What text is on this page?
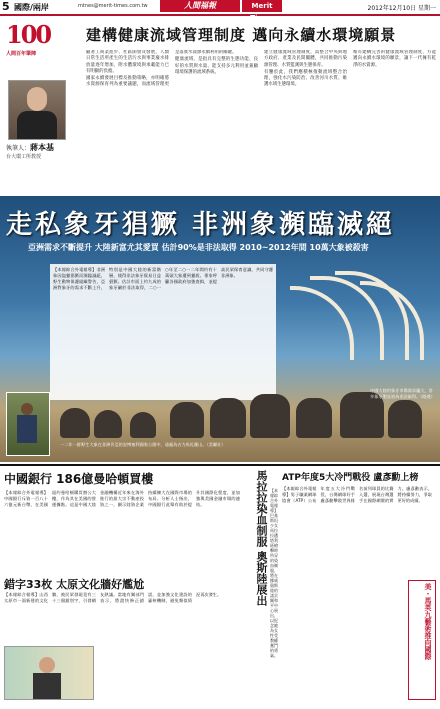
5 國際/兩岸	mtnes@merit-times.com.tw	人間福報	Merit Times
2012年12月10日 星期一
100
人間百年筆陣
執筆人：蔣本基
台大環工所教授
建構健康流域管理制度 邁向永續水環境願景

隨著工商業進步、社區開發及發展，人類日常生活所產生的生活污水與事業廢水排放量逐年增加，附水體環境與承載能力已有明顯的負擔。

國家永續發展目標及推動策略，亦明確將水資源保育列為重要議題，而流域管理更是落實水資源永續利用的關鍵。

健康流域，是指具有完整的生態功能、良好的水質與水量、能支持多元利用並兼顧環境保護的流域系統。

建立健康流域管理制度，需整合中央與地方政府、產業及民間團體，共同推動污染源管理、水質監測與生態保育。

有鑒於此，我們應積極推動流域整合治理，強化水污染防治、改善河川水質、維護水域生態環境。

唯有建構完善的健康流域管理制度，方能邁向永續水環境的願景，讓下一代擁有乾淨的水資源。

走私象牙猖獗 非洲象瀕臨滅絕
亞洲需求不斷提升 大陸新富尤其愛買 估計90%是非法取得 2010~2012年間 10萬大象被殺害
【本報綜合外電報導】非洲象因盜獵猖獗而瀕臨滅絕，野生動物保護組織警告，亞洲對象牙的需求不斷上升，特別是中國大陸的新富階層，使得非法象牙貿易日益猖獗。估計市面上約九成的象牙屬於非法取得，二○一○年至二○一二年間約有十萬頭大象遭到獵殺。專家呼籲各國政府加強查緝，並提高民眾保育意識，共同守護非洲象。
一二年一群野生大象在非洲肯亞的安博塞利國家公園中，遠處為吉力馬札羅山。（美聯社）
中國大陸的象牙市場需求龐大，許多象牙製品皆為非法取得。（路透）
中國銀行 186億曼哈頓買樓
【本報綜合外電報導】中國銀行斥資一百八十六億元新台幣，在美國紐約曼哈頓購買辦公大樓，作為其在美國的營運據點。這是中國大陸金融機構近年來在海外進行的最大宗不動產投資之一，顯示陸資企業持續擴大在國際市場的布局。分析人士指出，中國銀行此舉有助於提升其國際化程度，並加強與美國金融市場的連結。
錯字33枚 太原文化牆好尷尬
【本報綜合報導】山西太原市一面新建的文化牆，被民眾發現竟有三十三個錯別字，引發網友熱議。當地有關部門表示，將盡快修正錯誤，並加強文化建設的審核機制，避免類似情況再次發生。	馬拉拉染血制服 奧斯陸展出 【本報綜合外電報導】巴基斯坦少女馬拉拉遭塔利班槍擊時所穿的染血制服，將在挪威奧斯陸的諾貝爾和平中心展出，以紀念她為女性受教權奮鬥的勇氣。
ATP年度5大冷門戰役 盧彥勳上榜
【本報綜合外電報導】男子職業網球協會（ATP）公布年度五大冷門戰役，台灣網球好手盧彥勳擊敗世界排名前列球員的比賽入選，展現台灣選手在國際網壇的實力。盧彥勳表示，將持續努力，爭取更好的成績。
美・馬英九藝術推向國際
